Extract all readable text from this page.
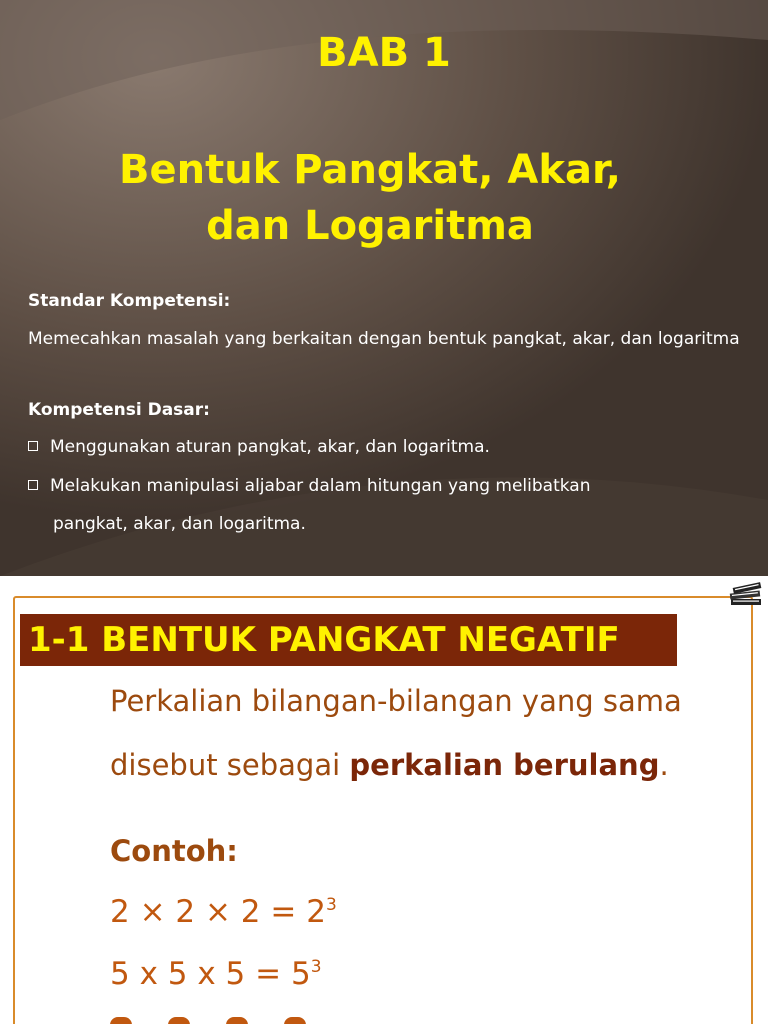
BAB 1
Bentuk Pangkat, Akar,
dan Logaritma
Standar Kompetensi:
Memecahkan masalah yang berkaitan dengan bentuk pangkat, akar, dan logaritma
Kompetensi Dasar:
Menggunakan aturan pangkat, akar, dan logaritma.
Melakukan manipulasi aljabar dalam hitungan yang melibatkan
pangkat, akar, dan logaritma.
1-1 BENTUK PANGKAT NEGATIF
Perkalian bilangan-bilangan yang sama
disebut sebagai perkalian berulang.
Contoh:
$2 \times 2 \times 2 = 2^3$
5 x 5 x $5 = 5^3$
